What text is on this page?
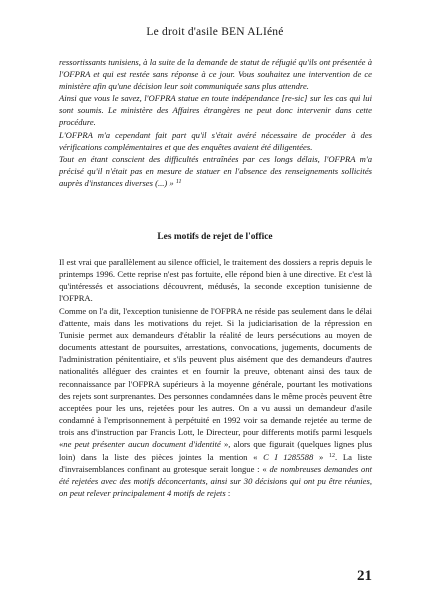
Le droit d'asile BEN ALIéné

ressortissants tunisiens, à la suite de la demande de statut de réfugié qu'ils ont présentée à l'OFPRA et qui est restée sans réponse à ce jour. Vous souhaitez une intervention de ce ministère afin qu'une décision leur soit communiquée sans plus attendre.

Ainsi que vous le savez, l'OFPRA statue en toute indépendance [re-sic] sur les cas qui lui sont soumis. Le ministère des Affaires étrangères ne peut donc intervenir dans cette procédure.

L'OFPRA m'a cependant fait part qu'il s'était avéré nécessaire de procéder à des vérifications complémentaires et que des enquêtes avaient été diligentées.

Tout en étant conscient des difficultés entraînées par ces longs délais, l'OFPRA m'a précisé qu'il n'était pas en mesure de statuer en l'absence des renseignements sollicités auprès d'instances diverses (...) » $^{11}$

Les motifs de rejet de l'office

Il est vrai que parallèlement au silence officiel, le traitement des dossiers a repris depuis le printemps 1996. Cette reprise n'est pas fortuite, elle répond bien à une directive. Et c'est là qu'intéressés et associations découvrent, médusés, la seconde exception tunisienne de l'OFPRA.

Comme on l'a dit, l'exception tunisienne de l'OFPRA ne réside pas seulement dans le délai d'attente, mais dans les motivations du rejet. Si la judiciarisation de la répression en Tunisie permet aux demandeurs d'établir la réalité de leurs persécutions au moyen de documents attestant de poursuites, arrestations, convocations, jugements, documents de l'administration pénitentiaire, et s'ils peuvent plus aisément que des demandeurs d'autres nationalités alléguer des craintes et en fournir la preuve, obtenant ainsi des taux de reconnaissance par l'OFPRA supérieurs à la moyenne générale, pourtant les motivations des rejets sont surprenantes. Des personnes condamnées dans le même procès peuvent être acceptées pour les uns, rejetées pour les autres. On a vu aussi un demandeur d'asile condamné à l'emprisonnement à perpétuité en 1992 voir sa demande rejetée au terme de trois ans d'instruction par Francis Lott, le Directeur, pour differents motifs parmi lesquels «ne peut présenter aucun document d'identité », alors que figurait (quelques lignes plus loin) dans la liste des pièces jointes la mention « C I 1285588 » $^{12}$. La liste d'invraisemblances confinant au grotesque serait longue : « de nombreuses demandes ont été rejetées avec des motifs déconcertants, ainsi sur 30 décisions qui ont pu être réunies, on peut relever principalement 4 motifs de rejets :

21
